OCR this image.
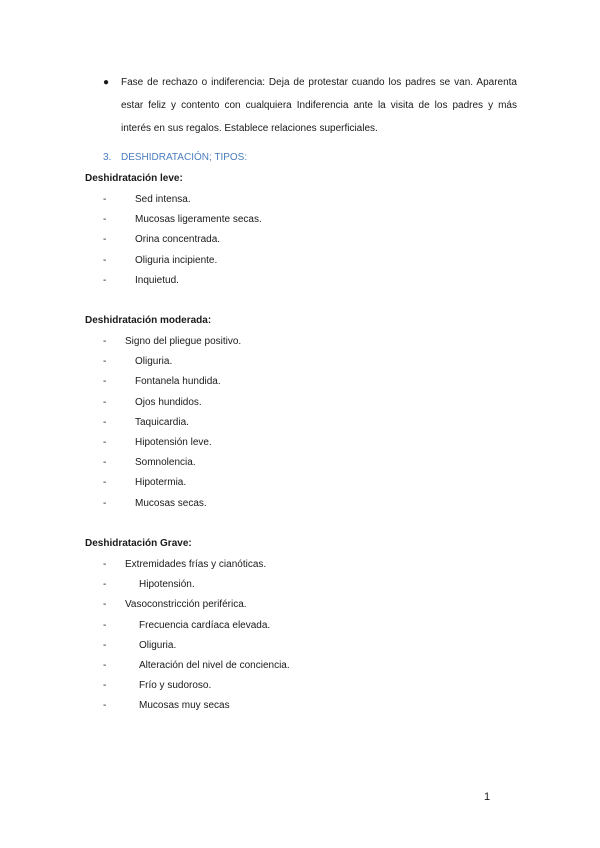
● Fase de rechazo o indiferencia: Deja de protestar cuando los padres se van. Aparenta estar feliz y contento con cualquiera Indiferencia ante la visita de los padres y más interés en sus regalos. Establece relaciones superficiales.
3. DESHIDRATACIÓN; TIPOS:
Deshidratación leve:
-	Sed intensa.
-	Mucosas ligeramente secas.
-	Orina concentrada.
-	Oliguria incipiente.
-	Inquietud.
Deshidratación moderada:
- Signo del pliegue positivo.
-	Oliguria.
-	Fontanela hundida.
-	Ojos hundidos.
-	Taquicardia.
-	Hipotensión leve.
-	Somnolencia.
-	Hipotermia.
-	Mucosas secas.
Deshidratación Grave:
- Extremidades frías y cianóticas.
-	Hipotensión.
- Vasoconstricción periférica.
-	Frecuencia cardíaca elevada.
-	Oliguria.
-	Alteración del nivel de conciencia.
-	Frío y sudoroso.
-	Mucosas muy secas
1
